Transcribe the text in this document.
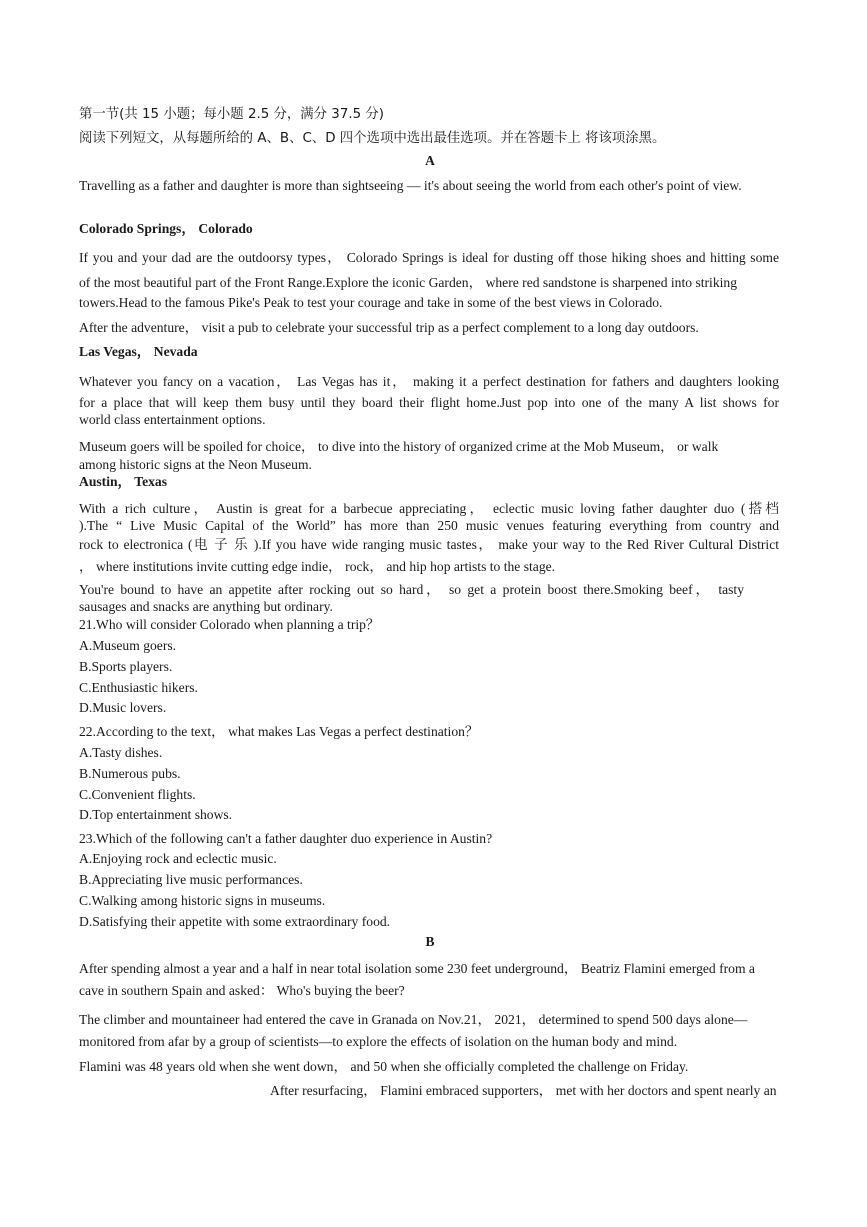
第一节(共 15 小题；每小题 2.5 分，满分 37.5 分)
阅读下列短文，从每题所给的 A、B、C、D 四个选项中选出最佳选项。并在答题卡上 将该项涂黑。
A
Travelling as a father and daughter is more than sightseeing — it's about seeing the world from each other's point of view.
Colorado Springs， Colorado
If you and your dad are the outdoorsy types， Colorado Springs is ideal for dusting off those hiking shoes and hitting some
of the most beautiful part of the Front Range.Explore the iconic Garden， where red sandstone is sharpened into striking
towers.Head to the famous Pike's Peak to test your courage and take in some of the best views in Colorado.
After the adventure， visit a pub to celebrate your successful trip as a perfect complement to a long day outdoors.
Las Vegas， Nevada
Whatever you fancy on a vacation， Las Vegas has it， making it a perfect destination for fathers and daughters looking
for a place that will keep them busy until they board their flight home.Just pop into one of the many A list shows for
world class entertainment options.
Museum goers will be spoiled for choice， to dive into the history of organized crime at the Mob Museum， or walk
among historic signs at the Neon Museum.
Austin， Texas
With a rich culture， Austin is great for a barbecue appreciating， eclectic music loving father daughter duo (搭档
).The “ Live Music Capital of the World” has more than 250 music venues featuring everything from country and
rock to electronica (电 子 乐 ).If you have wide ranging music tastes， make your way to the Red River Cultural District
， where institutions invite cutting edge indie， rock， and hip hop artists to the stage.
You're bound to have an appetite after rocking out so hard， so get a protein boost there.Smoking beef， tasty
sausages and snacks are anything but ordinary.
21.Who will consider Colorado when planning a trip？
A.Museum goers.
B.Sports players.
C.Enthusiastic hikers.
D.Music lovers.
22.According to the text， what makes Las Vegas a perfect destination？
A.Tasty dishes.
B.Numerous pubs.
C.Convenient flights.
D.Top entertainment shows.
23.Which of the following can't a father daughter duo experience in Austin?
A.Enjoying rock and eclectic music.
B.Appreciating live music performances.
C.Walking among historic signs in museums.
D.Satisfying their appetite with some extraordinary food.
B
After spending almost a year and a half in near total isolation some 230 feet underground， Beatriz Flamini emerged from a
cave in southern Spain and asked： Who's buying the beer?
The climber and mountaineer had entered the cave in Granada on Nov.21， 2021， determined to spend 500 days alone—
monitored from afar by a group of scientists—to explore the effects of isolation on the human body and mind.
Flamini was 48 years old when she went down， and 50 when she officially completed the challenge on Friday.
After resurfacing， Flamini embraced supporters， met with her doctors and spent nearly an
